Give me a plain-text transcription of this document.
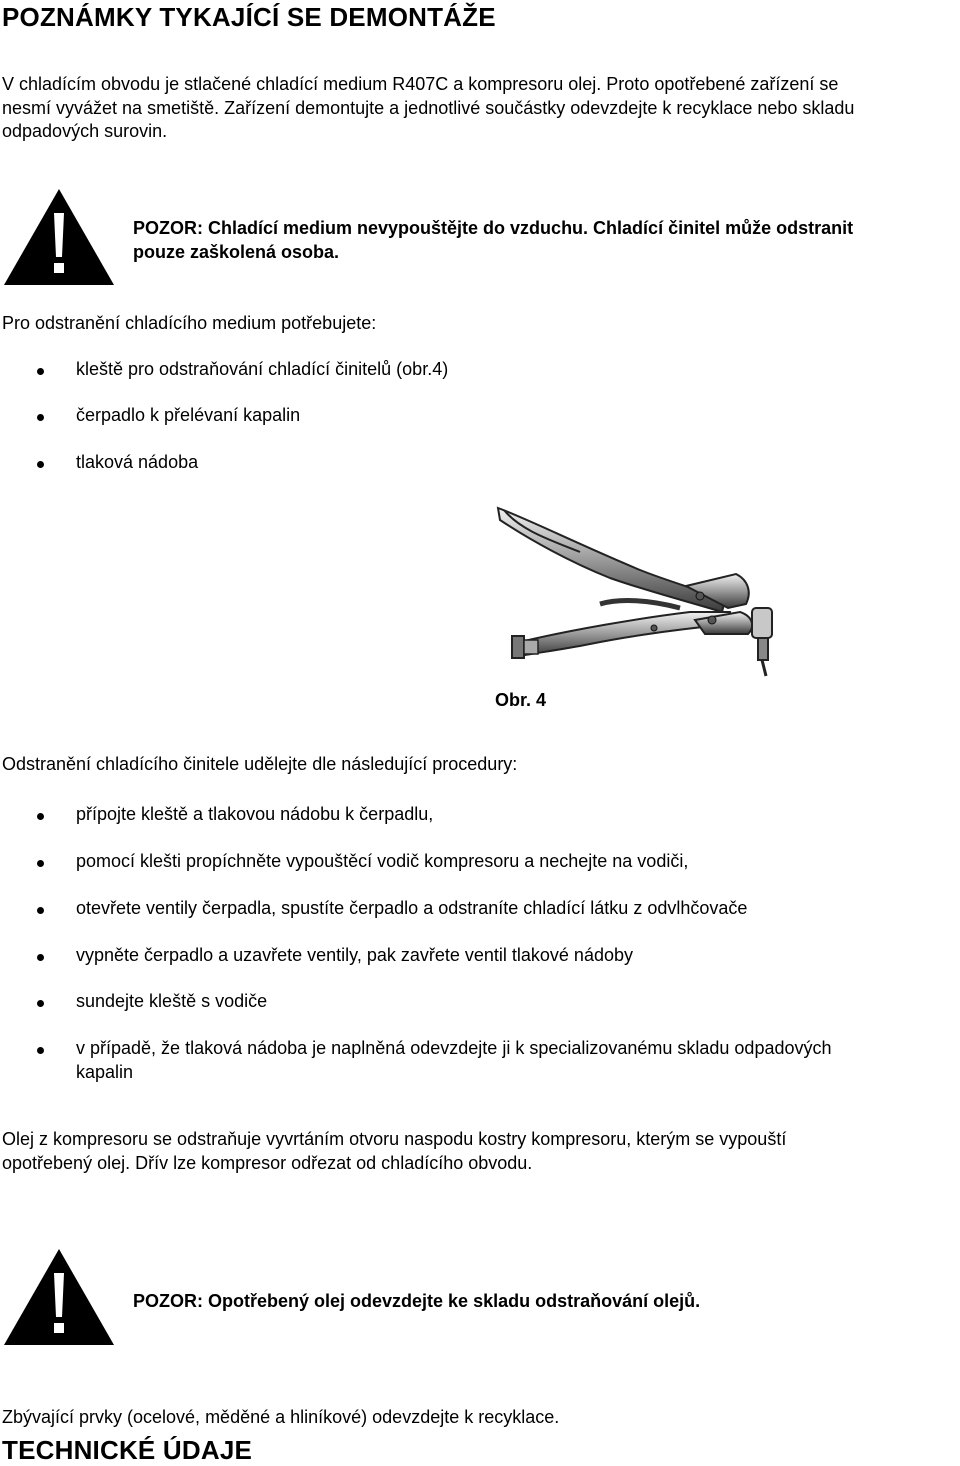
POZNÁMKY TYKAJÍCÍ SE DEMONTÁŽE
V chladícím obvodu je stlačené chladící medium R407C a kompresoru olej. Proto opotřebené zařízení se
nesmí vyvážet na smetiště. Zařízení demontujte a jednotlivé součástky odevzdejte k recyklace nebo skladu
odpadových surovin.
POZOR: Chladící medium nevypouštějte do vzduchu. Chladící činitel může odstranit
pouze zaškolená osoba.
Pro odstranění chladícího medium potřebujete:
kleště pro odstraňování chladící činitelů (obr.4)
čerpadlo k přelévaní kapalin
tlaková nádoba
Obr. 4
Odstranění chladícího činitele udělejte dle následující procedury:
přípojte kleště a tlakovou nádobu k čerpadlu,
pomocí klešti propíchněte vypouštěcí vodič kompresoru a nechejte na vodiči,
otevřete ventily čerpadla, spustíte čerpadlo a odstraníte chladící látku z odvlhčovače
vypněte čerpadlo a uzavřete ventily, pak zavřete ventil tlakové nádoby
sundejte kleště s vodiče
v případě, že tlaková nádoba je naplněná odevzdejte ji k specializovanému skladu odpadových
kapalin
Olej z kompresoru se odstraňuje vyvrtáním otvoru naspodu kostry kompresoru, kterým se vypouští
opotřebený olej. Dřív lze kompresor odřezat od chladícího obvodu.
POZOR: Opotřebený olej odevzdejte ke skladu odstraňování olejů.
Zbývající prvky (ocelové, měděné a hliníkové) odevzdejte k recyklace.
TECHNICKÉ ÚDAJE
